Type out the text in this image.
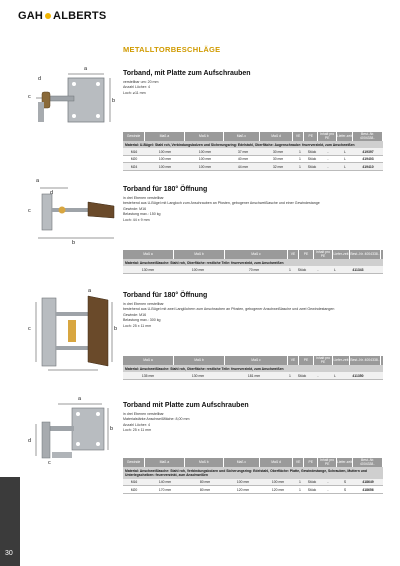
GAH ALBERTS
METALLTORBESCHLÄGE
a
b
c
d
Torband, mit Platte zum Aufschrauben
verstellbar um: 20 mm
Anzahl Löcher: 4
Loch: ⌀11 mm
Gewinde	Maß a	Maß b	Maß c	Maß d	VE	PE	Inhalt pro PE	Liefer-zeit	Best.-Nr. 4004338..
Material: U-Bügel: Stahl roh, Verbindungsbolzen und Sicherungsring: Edelstahl, Oberfläche: Augenschraube: feuerverzinkt, zum Anschweißen
M16	100 mm	100 mm	37 mm	30 mm	1	Stück	-	L	419397
M20	100 mm	100 mm	40 mm	30 mm	1	Stück	-	L	419403
M24	100 mm	100 mm	44 mm	32 mm	1	Stück	-	L	419410
a
b
c
d	Torband für 180° Öffnung
in drei Ebenen verstellbar
bestehend aus U-Bügel mit Langloch zum Anschrauben an Pfosten, gebogener Anschweißlasche und einer Gewindestange
Gewinde: M16
Belastung max.: 150 kg
Loch: 44 x 9 mm
Maß a	Maß b	Maß c	VE	PE	Inhalt pro PE	Liefer-zeit Best.-Nr. 4004338..
Material: Anschweißlasche: Stahl roh, Oberfläche: restliche Teile: feuerverzinkt, zum Anschweißen
130 mm	100 mm	70 mm	1	Stück	-	L	411343
a
b
c
Torband für 180° Öffnung
in drei Ebenen verstellbar
bestehend aus U-Bügel mit zwei Langlöchern zum Anschrauben an Pfosten, gebogener Anschweißlasche und zwei Gewindestangen
Gewinde: M16
Belastung max.: 300 kg
Loch: 25 x 11 mm
Maß a	Maß b	Maß c	VE	PE	Inhalt pro PE	Liefer-zeit Best.-Nr. 4004338..
Material: Anschweißlasche: Stahl roh, Oberfläche: restliche Teile: feuerverzinkt, zum Anschweißen
135 mm	130 mm	181 mm	1	Stück	-	L	411350
a
b
c
d
Torband mit Platte zum Aufschrauben
in drei Ebenen verstellbar
Materialstärke Anschweißfläche: 8,00 mm
Anzahl Löcher: 4
Loch: 25 x 11 mm
Gewinde	Maß a	Maß b	Maß c	Maß d	VE	PE	Inhalt pro PE	Liefer-zeit	Best.-Nr. 4004338..
Material: Anschweißlasche: Stahl roh, Verbindungsbolzen und Sicherungsring: Edelstahl, Oberfläche: Platte, Gewindestange, Schrauben, Muttern und Unterlegscheiben: feuerverzinkt, zum Anschweißen
M16	140 mm	80 mm	100 mm	100 mm	1	Stück	-	S	418649
M20	170 mm	80 mm	120 mm	120 mm	1	Stück	-	S	418656
30
